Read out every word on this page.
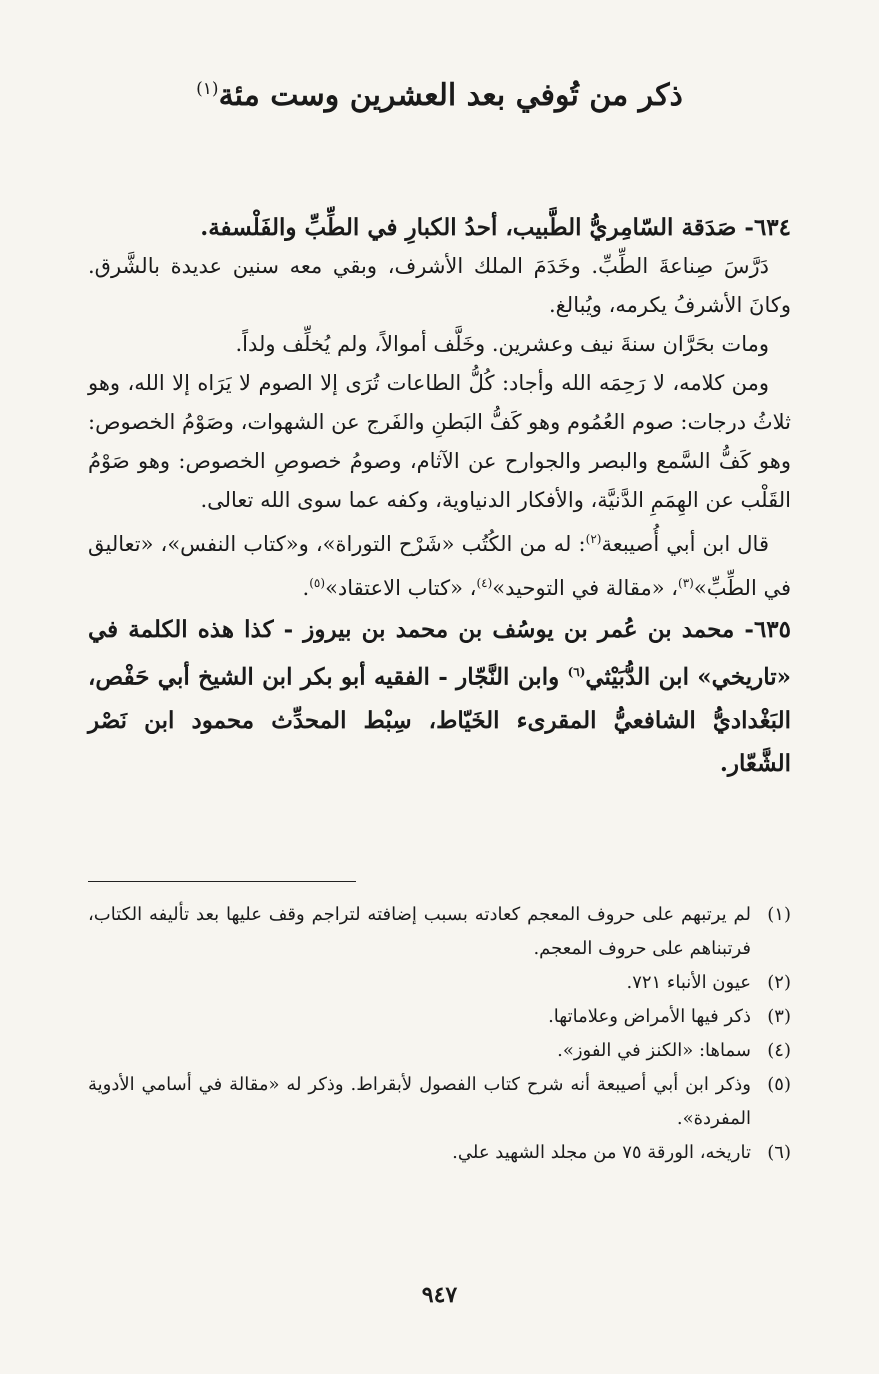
ذكر من تُوفي بعد العشرين وست مئة$^{(١)}$

٦٣٤- صَدَقة السّامِريُّ الطَّبيب، أحدُ الكبارِ في الطِّبِّ والفَلْسفة.

دَرَّسَ صِناعةَ الطِّبِّ. وخَدَمَ الملك الأشرف، وبقي معه سنين عديدة بالشَّرق. وكانَ الأشرفُ يكرمه، ويُبالغ.

ومات بحَرَّان سنةَ نيف وعشرين. وخَلَّف أموالاً، ولم يُخلِّف ولداً.

ومن كلامه، لا رَحِمَه الله وأجاد: كُلُّ الطاعات تُرَى إلا الصوم لا يَرَاه إلا الله، وهو ثلاثُ درجات: صوم العُمُوم وهو كَفُّ البَطنِ والفَرج عن الشهوات، وصَوْمُ الخصوص: وهو كَفُّ السَّمع والبصر والجوارح عن الآثام، وصومُ خصوصِ الخصوص: وهو صَوْمُ القَلْب عن الهِمَمِ الدَّنيَّة، والأفكار الدنياوية، وكفه عما سوى الله تعالى.

قال ابن أبي أُصيبعة$^{(٢)}$: له من الكُتُب «شَرْح التوراة»، و«كتاب النفس»، «تعاليق في الطِّبِّ»$^{(٣)}$، «مقالة في التوحيد»$^{(٤)}$، «كتاب الاعتقاد»$^{(٥)}$.

٦٣٥- محمد بن عُمر بن يوسُف بن محمد بن بيروز - كذا هذه الكلمة في «تاريخي» ابن الدُّبَيْثي$^{(٦)}$ وابن النَّجّار - الفقيه أبو بكر ابن الشيخ أبي حَفْص، البَغْداديُّ الشافعيُّ المقرىء الخَيّاط، سِبْط المحدِّث محمود ابن نَصْر الشَّعّار.

(١)
لم يرتبهم على حروف المعجم كعادته بسبب إضافته لتراجم وقف عليها بعد تأليفه الكتاب، فرتبناهم على حروف المعجم.
(٢)
عيون الأنباء ٧٢١.
(٣)
ذكر فيها الأمراض وعلاماتها.
(٤)
سماها: «الكنز في الفوز».
(٥)
وذكر ابن أبي أصيبعة أنه شرح كتاب الفصول لأبقراط. وذكر له «مقالة في أسامي الأدوية المفردة».
(٦)
تاريخه، الورقة ٧٥ من مجلد الشهيد علي.
٩٤٧
